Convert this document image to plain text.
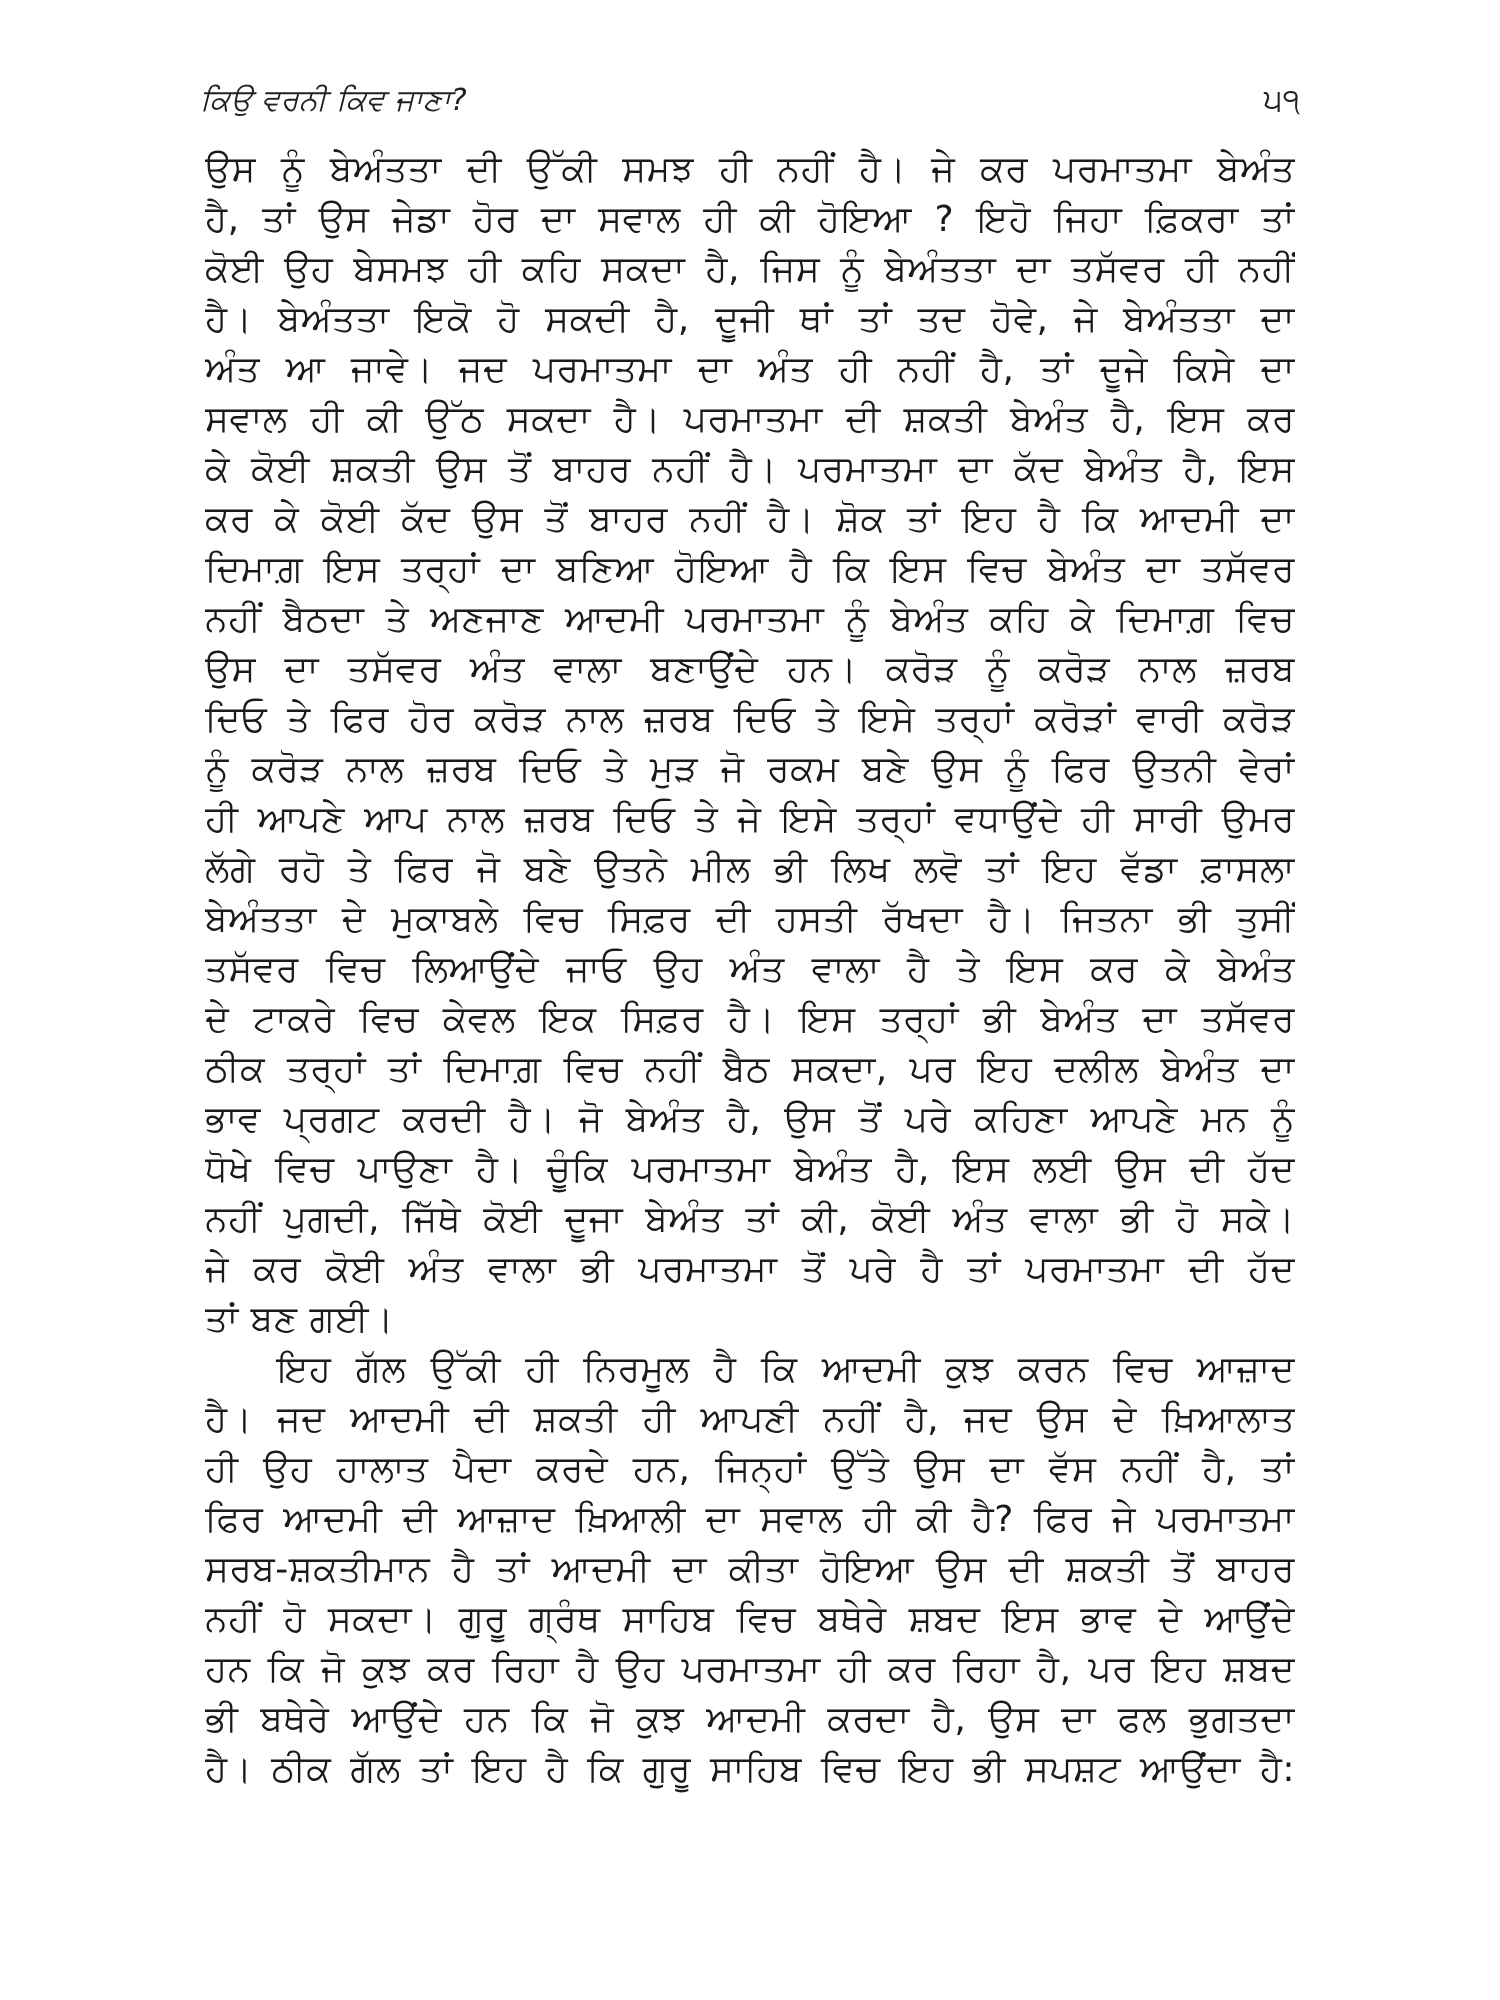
ਕਿਉ ਵਰਨੀ ਕਿਵ ਜਾਣਾ?	੫੧
ਉਸ ਨੂੰ ਬੇਅੰਤਤਾ ਦੀ ਉੱਕੀ ਸਮਝ ਹੀ ਨਹੀਂ ਹੈ। ਜੇ ਕਰ ਪਰਮਾਤਮਾ ਬੇਅੰਤ
ਹੈ, ਤਾਂ ਉਸ ਜੇਡਾ ਹੋਰ ਦਾ ਸਵਾਲ ਹੀ ਕੀ ਹੋਇਆ ? ਇਹੋ ਜਿਹਾ ਫ਼ਿਕਰਾ ਤਾਂ
ਕੋਈ ਉਹ ਬੇਸਮਝ ਹੀ ਕਹਿ ਸਕਦਾ ਹੈ, ਜਿਸ ਨੂੰ ਬੇਅੰਤਤਾ ਦਾ ਤਸੱਵਰ ਹੀ ਨਹੀਂ
ਹੈ। ਬੇਅੰਤਤਾ ਇਕੋ ਹੋ ਸਕਦੀ ਹੈ, ਦੂਜੀ ਥਾਂ ਤਾਂ ਤਦ ਹੋਵੇ, ਜੇ ਬੇਅੰਤਤਾ ਦਾ
ਅੰਤ ਆ ਜਾਵੇ। ਜਦ ਪਰਮਾਤਮਾ ਦਾ ਅੰਤ ਹੀ ਨਹੀਂ ਹੈ, ਤਾਂ ਦੂਜੇ ਕਿਸੇ ਦਾ
ਸਵਾਲ ਹੀ ਕੀ ਉੱਠ ਸਕਦਾ ਹੈ। ਪਰਮਾਤਮਾ ਦੀ ਸ਼ਕਤੀ ਬੇਅੰਤ ਹੈ, ਇਸ ਕਰ
ਕੇ ਕੋਈ ਸ਼ਕਤੀ ਉਸ ਤੋਂ ਬਾਹਰ ਨਹੀਂ ਹੈ। ਪਰਮਾਤਮਾ ਦਾ ਕੱਦ ਬੇਅੰਤ ਹੈ, ਇਸ
ਕਰ ਕੇ ਕੋਈ ਕੱਦ ਉਸ ਤੋਂ ਬਾਹਰ ਨਹੀਂ ਹੈ। ਸ਼ੋਕ ਤਾਂ ਇਹ ਹੈ ਕਿ ਆਦਮੀ ਦਾ
ਦਿਮਾਗ਼ ਇਸ ਤਰ੍ਹਾਂ ਦਾ ਬਣਿਆ ਹੋਇਆ ਹੈ ਕਿ ਇਸ ਵਿਚ ਬੇਅੰਤ ਦਾ ਤਸੱਵਰ
ਨਹੀਂ ਬੈਠਦਾ ਤੇ ਅਣਜਾਣ ਆਦਮੀ ਪਰਮਾਤਮਾ ਨੂੰ ਬੇਅੰਤ ਕਹਿ ਕੇ ਦਿਮਾਗ਼ ਵਿਚ
ਉਸ ਦਾ ਤਸੱਵਰ ਅੰਤ ਵਾਲਾ ਬਣਾਉਂਦੇ ਹਨ। ਕਰੋੜ ਨੂੰ ਕਰੋੜ ਨਾਲ ਜ਼ਰਬ
ਦਿਓ ਤੇ ਫਿਰ ਹੋਰ ਕਰੋੜ ਨਾਲ ਜ਼ਰਬ ਦਿਓ ਤੇ ਇਸੇ ਤਰ੍ਹਾਂ ਕਰੋੜਾਂ ਵਾਰੀ ਕਰੋੜ
ਨੂੰ ਕਰੋੜ ਨਾਲ ਜ਼ਰਬ ਦਿਓ ਤੇ ਮੁੜ ਜੋ ਰਕਮ ਬਣੇ ਉਸ ਨੂੰ ਫਿਰ ਉਤਨੀ ਵੇਰਾਂ
ਹੀ ਆਪਣੇ ਆਪ ਨਾਲ ਜ਼ਰਬ ਦਿਓ ਤੇ ਜੇ ਇਸੇ ਤਰ੍ਹਾਂ ਵਧਾਉਂਦੇ ਹੀ ਸਾਰੀ ਉਮਰ
ਲੱਗੇ ਰਹੋ ਤੇ ਫਿਰ ਜੋ ਬਣੇ ਉਤਨੇ ਮੀਲ ਭੀ ਲਿਖ ਲਵੋ ਤਾਂ ਇਹ ਵੱਡਾ ਫ਼ਾਸਲਾ
ਬੇਅੰਤਤਾ ਦੇ ਮੁਕਾਬਲੇ ਵਿਚ ਸਿਫ਼ਰ ਦੀ ਹਸਤੀ ਰੱਖਦਾ ਹੈ। ਜਿਤਨਾ ਭੀ ਤੁਸੀਂ
ਤਸੱਵਰ ਵਿਚ ਲਿਆਉਂਦੇ ਜਾਓ ਉਹ ਅੰਤ ਵਾਲਾ ਹੈ ਤੇ ਇਸ ਕਰ ਕੇ ਬੇਅੰਤ
ਦੇ ਟਾਕਰੇ ਵਿਚ ਕੇਵਲ ਇਕ ਸਿਫ਼ਰ ਹੈ। ਇਸ ਤਰ੍ਹਾਂ ਭੀ ਬੇਅੰਤ ਦਾ ਤਸੱਵਰ
ਠੀਕ ਤਰ੍ਹਾਂ ਤਾਂ ਦਿਮਾਗ਼ ਵਿਚ ਨਹੀਂ ਬੈਠ ਸਕਦਾ, ਪਰ ਇਹ ਦਲੀਲ ਬੇਅੰਤ ਦਾ
ਭਾਵ ਪ੍ਰਗਟ ਕਰਦੀ ਹੈ। ਜੋ ਬੇਅੰਤ ਹੈ, ਉਸ ਤੋਂ ਪਰੇ ਕਹਿਣਾ ਆਪਣੇ ਮਨ ਨੂੰ
ਧੋਖੇ ਵਿਚ ਪਾਉਣਾ ਹੈ। ਚੂੰਕਿ ਪਰਮਾਤਮਾ ਬੇਅੰਤ ਹੈ, ਇਸ ਲਈ ਉਸ ਦੀ ਹੱਦ
ਨਹੀਂ ਪੁਗਦੀ, ਜਿੱਥੇ ਕੋਈ ਦੂਜਾ ਬੇਅੰਤ ਤਾਂ ਕੀ, ਕੋਈ ਅੰਤ ਵਾਲਾ ਭੀ ਹੋ ਸਕੇ।
ਜੇ ਕਰ ਕੋਈ ਅੰਤ ਵਾਲਾ ਭੀ ਪਰਮਾਤਮਾ ਤੋਂ ਪਰੇ ਹੈ ਤਾਂ ਪਰਮਾਤਮਾ ਦੀ ਹੱਦ
ਤਾਂ ਬਣ ਗਈ।
ਇਹ ਗੱਲ ਉੱਕੀ ਹੀ ਨਿਰਮੂਲ ਹੈ ਕਿ ਆਦਮੀ ਕੁਝ ਕਰਨ ਵਿਚ ਆਜ਼ਾਦ
ਹੈ। ਜਦ ਆਦਮੀ ਦੀ ਸ਼ਕਤੀ ਹੀ ਆਪਣੀ ਨਹੀਂ ਹੈ, ਜਦ ਉਸ ਦੇ ਖ਼ਿਆਲਾਤ
ਹੀ ਉਹ ਹਾਲਾਤ ਪੈਦਾ ਕਰਦੇ ਹਨ, ਜਿਨ੍ਹਾਂ ਉੱਤੇ ਉਸ ਦਾ ਵੱਸ ਨਹੀਂ ਹੈ, ਤਾਂ
ਫਿਰ ਆਦਮੀ ਦੀ ਆਜ਼ਾਦ ਖ਼ਿਆਲੀ ਦਾ ਸਵਾਲ ਹੀ ਕੀ ਹੈ? ਫਿਰ ਜੇ ਪਰਮਾਤਮਾ
ਸਰਬ-ਸ਼ਕਤੀਮਾਨ ਹੈ ਤਾਂ ਆਦਮੀ ਦਾ ਕੀਤਾ ਹੋਇਆ ਉਸ ਦੀ ਸ਼ਕਤੀ ਤੋਂ ਬਾਹਰ
ਨਹੀਂ ਹੋ ਸਕਦਾ। ਗੁਰੂ ਗ੍ਰੰਥ ਸਾਹਿਬ ਵਿਚ ਬਥੇਰੇ ਸ਼ਬਦ ਇਸ ਭਾਵ ਦੇ ਆਉਂਦੇ
ਹਨ ਕਿ ਜੋ ਕੁਝ ਕਰ ਰਿਹਾ ਹੈ ਉਹ ਪਰਮਾਤਮਾ ਹੀ ਕਰ ਰਿਹਾ ਹੈ, ਪਰ ਇਹ ਸ਼ਬਦ
ਭੀ ਬਥੇਰੇ ਆਉਂਦੇ ਹਨ ਕਿ ਜੋ ਕੁਝ ਆਦਮੀ ਕਰਦਾ ਹੈ, ਉਸ ਦਾ ਫਲ ਭੁਗਤਦਾ
ਹੈ। ਠੀਕ ਗੱਲ ਤਾਂ ਇਹ ਹੈ ਕਿ ਗੁਰੂ ਸਾਹਿਬ ਵਿਚ ਇਹ ਭੀ ਸਪਸ਼ਟ ਆਉਂਦਾ ਹੈ:
